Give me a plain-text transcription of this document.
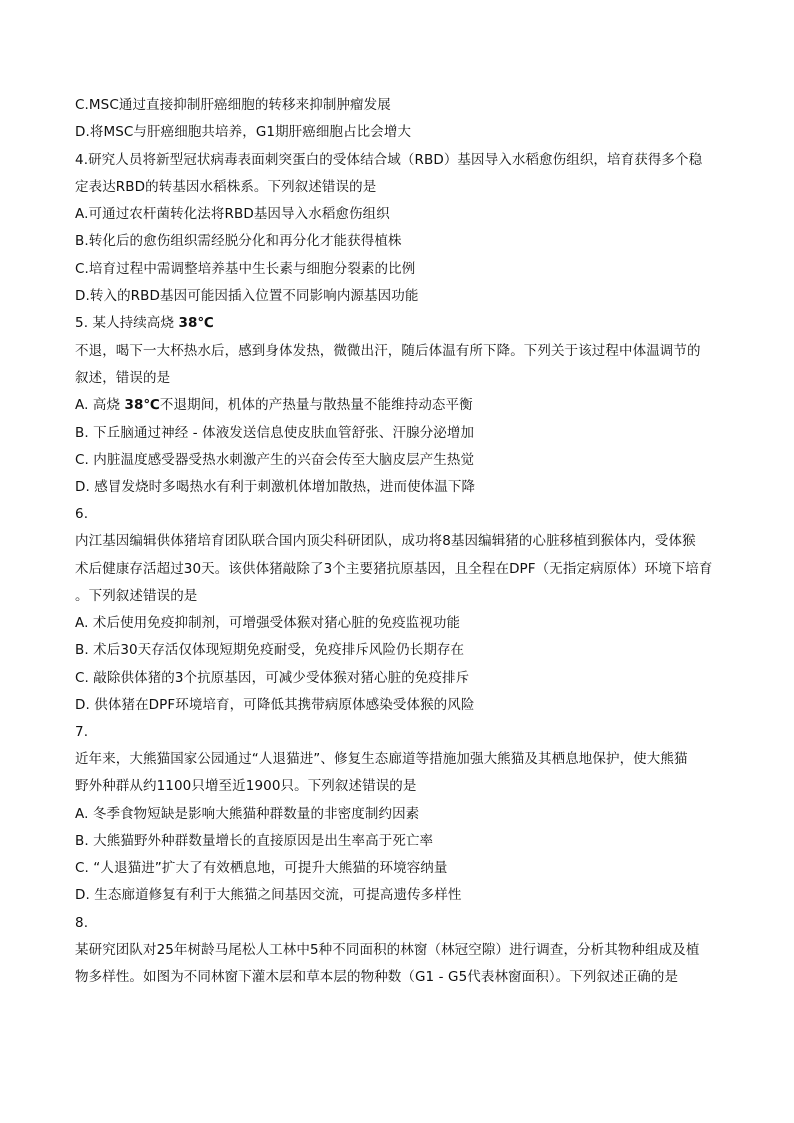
C.MSC通过直接抑制肝癌细胞的转移来抑制肿瘤发展
D.将MSC与肝癌细胞共培养，G1期肝癌细胞占比会增大
4.研究人员将新型冠状病毒表面刺突蛋白的受体结合域（RBD）基因导入水稻愈伤组织，培育获得多个稳
定表达RBD的转基因水稻株系。下列叙述错误的是
A.可通过农杆菌转化法将RBD基因导入水稻愈伤组织
B.转化后的愈伤组织需经脱分化和再分化才能获得植株
C.培育过程中需调整培养基中生长素与细胞分裂素的比例
D.转入的RBD基因可能因插入位置不同影响内源基因功能
5. 某人持续高烧 38℃
不退，喝下一大杯热水后，感到身体发热，微微出汗，随后体温有所下降。下列关于该过程中体温调节的
叙述，错误的是
A. 高烧 38℃不退期间，机体的产热量与散热量不能维持动态平衡
B. 下丘脑通过神经 - 体液发送信息使皮肤血管舒张、汗腺分泌增加
C. 内脏温度感受器受热水刺激产生的兴奋会传至大脑皮层产生热觉
D. 感冒发烧时多喝热水有利于刺激机体增加散热，进而使体温下降
6.
内江基因编辑供体猪培育团队联合国内顶尖科研团队，成功将8基因编辑猪的心脏移植到猴体内，受体猴
术后健康存活超过30天。该供体猪敲除了3个主要猪抗原基因，且全程在DPF（无指定病原体）环境下培育
。下列叙述错误的是
A. 术后使用免疫抑制剂，可增强受体猴对猪心脏的免疫监视功能
B. 术后30天存活仅体现短期免疫耐受，免疫排斥风险仍长期存在
C. 敲除供体猪的3个抗原基因，可减少受体猴对猪心脏的免疫排斥
D. 供体猪在DPF环境培育，可降低其携带病原体感染受体猴的风险
7.
近年来，大熊猫国家公园通过“人退猫进”、修复生态廊道等措施加强大熊猫及其栖息地保护，使大熊猫
野外种群从约1100只增至近1900只。下列叙述错误的是
A. 冬季食物短缺是影响大熊猫种群数量的非密度制约因素
B. 大熊猫野外种群数量增长的直接原因是出生率高于死亡率
C. “人退猫进”扩大了有效栖息地，可提升大熊猫的环境容纳量
D. 生态廊道修复有利于大熊猫之间基因交流，可提高遗传多样性
8.
某研究团队对25年树龄马尾松人工林中5种不同面积的林窗（林冠空隙）进行调查，分析其物种组成及植
物多样性。如图为不同林窗下灌木层和草本层的物种数（G1 - G5代表林窗面积）。下列叙述正确的是
